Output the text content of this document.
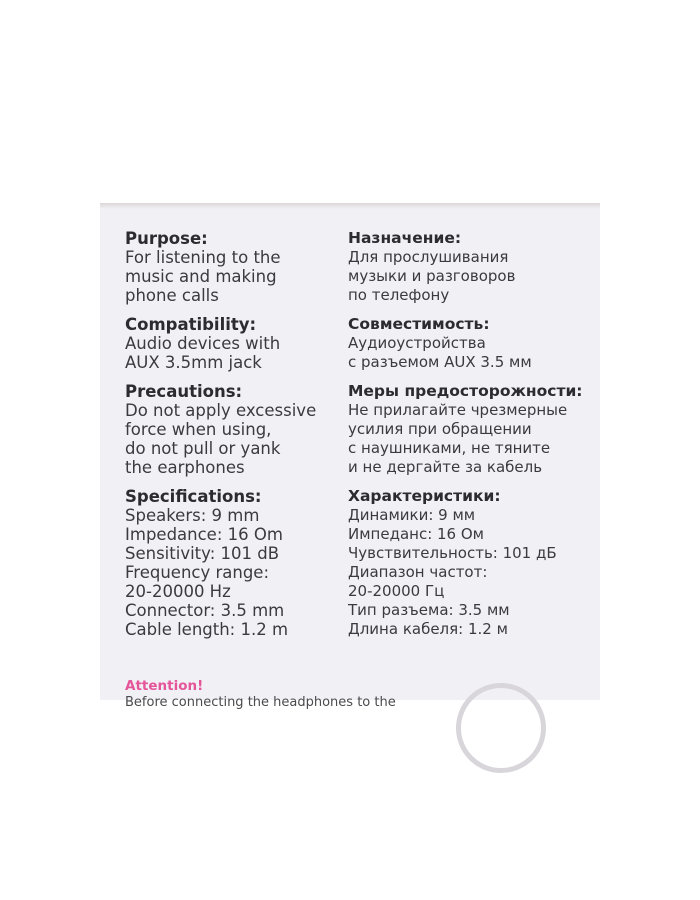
Purpose:
For listening to the
music and making
phone calls
Compatibility:
Audio devices with
AUX 3.5mm jack
Precautions:
Do not apply excessive
force when using,
do not pull or yank
the earphones
Specifications:
Speakers: 9 mm
Impedance: 16 Om
Sensitivity: 101 dB
Frequency range:
20-20000 Hz
Connector: 3.5 mm
Cable length: 1.2 m
Назначение:
Для прослушивания
музыки и разговоров
по телефону
Совместимость:
Аудиоустройства
с разъемом AUX 3.5 мм
Меры предосторожности:
Не прилагайте чрезмерные
усилия при обращении
с наушниками, не тяните
и не дергайте за кабель
Характеристики:
Динамики: 9 мм
Импеданс: 16 Ом
Чувствительность: 101 дБ
Диапазон частот:
20-20000 Гц
Тип разъема: 3.5 мм
Длина кабеля: 1.2 м
Attention!
Before connecting the headphones to the
